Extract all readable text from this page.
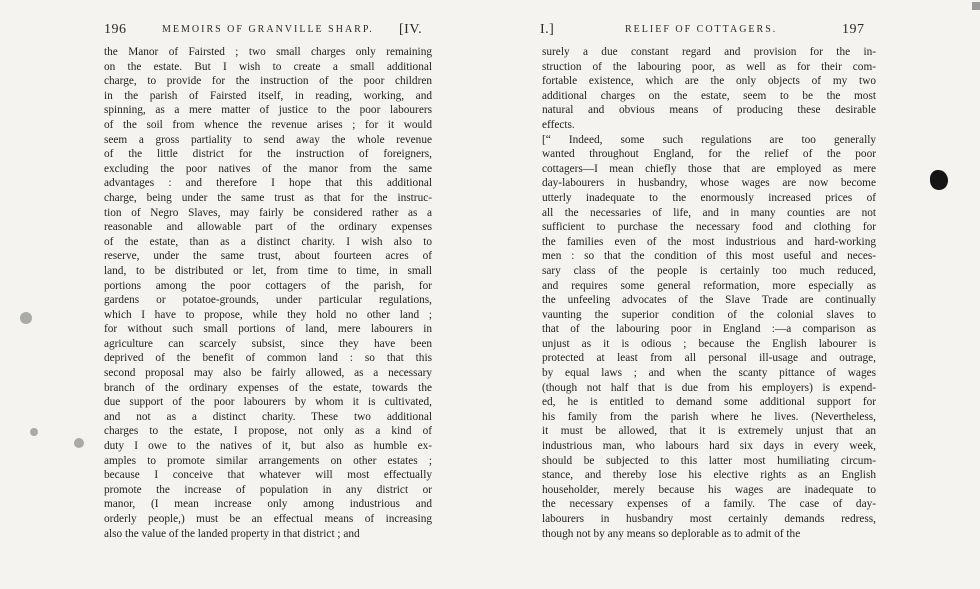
196	MEMOIRS OF GRANVILLE SHARP. [IV.
the Manor of Fairsted ; two small charges only remaining
on the estate. But I wish to create a small additional
charge, to provide for the instruction of the poor children
in the parish of Fairsted itself, in reading, working, and
spinning, as a mere matter of justice to the poor labourers
of the soil from whence the revenue arises ; for it would
seem a gross partiality to send away the whole revenue
of the little district for the instruction of foreigners,
excluding the poor natives of the manor from the same
advantages : and therefore I hope that this additional
charge, being under the same trust as that for the instruc-
tion of Negro Slaves, may fairly be considered rather as a
reasonable and allowable part of the ordinary expenses
of the estate, than as a distinct charity. I wish also to
reserve, under the same trust, about fourteen acres of
land, to be distributed or let, from time to time, in small
portions among the poor cottagers of the parish, for
gardens or potatoe-grounds, under particular regulations,
which I have to propose, while they hold no other land ;
for without such small portions of land, mere labourers in
agriculture can scarcely subsist, since they have been
deprived of the benefit of common land : so that this
second proposal may also be fairly allowed, as a necessary
branch of the ordinary expenses of the estate, towards the
due support of the poor labourers by whom it is cultivated,
and not as a distinct charity. These two additional
charges to the estate, I propose, not only as a kind of
duty I owe to the natives of it, but also as humble ex-
amples to promote similar arrangements on other estates ;
because I conceive that whatever will most effectually
promote the increase of population in any district or
manor, (I mean increase only among industrious and
orderly people,) must be an effectual means of increasing
also the value of the landed property in that district ; and
I.]	RELIEF OF COTTAGERS.	197
surely a due constant regard and provision for the in-
struction of the labouring poor, as well as for their com-
fortable existence, which are the only objects of my two
additional charges on the estate, seem to be the most
natural and obvious means of producing these desirable
effects.
[“ Indeed, some such regulations are too generally
wanted throughout England, for the relief of the poor
cottagers—I mean chiefly those that are employed as mere
day-labourers in husbandry, whose wages are now become
utterly inadequate to the enormously increased prices of
all the necessaries of life, and in many counties are not
sufficient to purchase the necessary food and clothing for
the families even of the most industrious and hard-working
men : so that the condition of this most useful and neces-
sary class of the people is certainly too much reduced,
and requires some general reformation, more especially as
the unfeeling advocates of the Slave Trade are continually
vaunting the superior condition of the colonial slaves to
that of the labouring poor in England :—a comparison as
unjust as it is odious ; because the English labourer is
protected at least from all personal ill-usage and outrage,
by equal laws ; and when the scanty pittance of wages
(though not half that is due from his employers) is expend-
ed, he is entitled to demand some additional support for
his family from the parish where he lives. (Nevertheless,
it must be allowed, that it is extremely unjust that an
industrious man, who labours hard six days in every week,
should be subjected to this latter most humiliating circum-
stance, and thereby lose his elective rights as an English
householder, merely because his wages are inadequate to
the necessary expenses of a family. The case of day-
labourers in husbandry most certainly demands redress,
though not by any means so deplorable as to admit of the
